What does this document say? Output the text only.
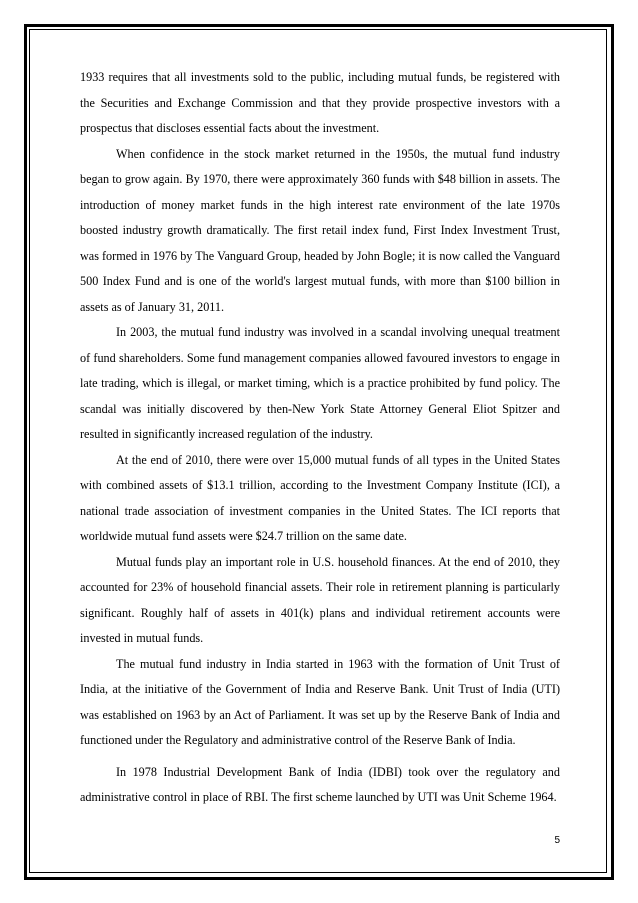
1933 requires that all investments sold to the public, including mutual funds, be registered with the Securities and Exchange Commission and that they provide prospective investors with a prospectus that discloses essential facts about the investment.

When confidence in the stock market returned in the 1950s, the mutual fund industry began to grow again. By 1970, there were approximately 360 funds with $48 billion in assets. The introduction of money market funds in the high interest rate environment of the late 1970s boosted industry growth dramatically. The first retail index fund, First Index Investment Trust, was formed in 1976 by The Vanguard Group, headed by John Bogle; it is now called the Vanguard 500 Index Fund and is one of the world's largest mutual funds, with more than $100 billion in assets as of January 31, 2011.

In 2003, the mutual fund industry was involved in a scandal involving unequal treatment of fund shareholders. Some fund management companies allowed favoured investors to engage in late trading, which is illegal, or market timing, which is a practice prohibited by fund policy. The scandal was initially discovered by then-New York State Attorney General Eliot Spitzer and resulted in significantly increased regulation of the industry.

At the end of 2010, there were over 15,000 mutual funds of all types in the United States with combined assets of $13.1 trillion, according to the Investment Company Institute (ICI), a national trade association of investment companies in the United States. The ICI reports that worldwide mutual fund assets were $24.7 trillion on the same date.

Mutual funds play an important role in U.S. household finances. At the end of 2010, they accounted for 23% of household financial assets. Their role in retirement planning is particularly significant. Roughly half of assets in 401(k) plans and individual retirement accounts were invested in mutual funds.

The mutual fund industry in India started in 1963 with the formation of Unit Trust of India, at the initiative of the Government of India and Reserve Bank. Unit Trust of India (UTI) was established on 1963 by an Act of Parliament. It was set up by the Reserve Bank of India and functioned under the Regulatory and administrative control of the Reserve Bank of India.

In 1978 Industrial Development Bank of India (IDBI) took over the regulatory and administrative control in place of RBI. The first scheme launched by UTI was Unit Scheme 1964.

5
